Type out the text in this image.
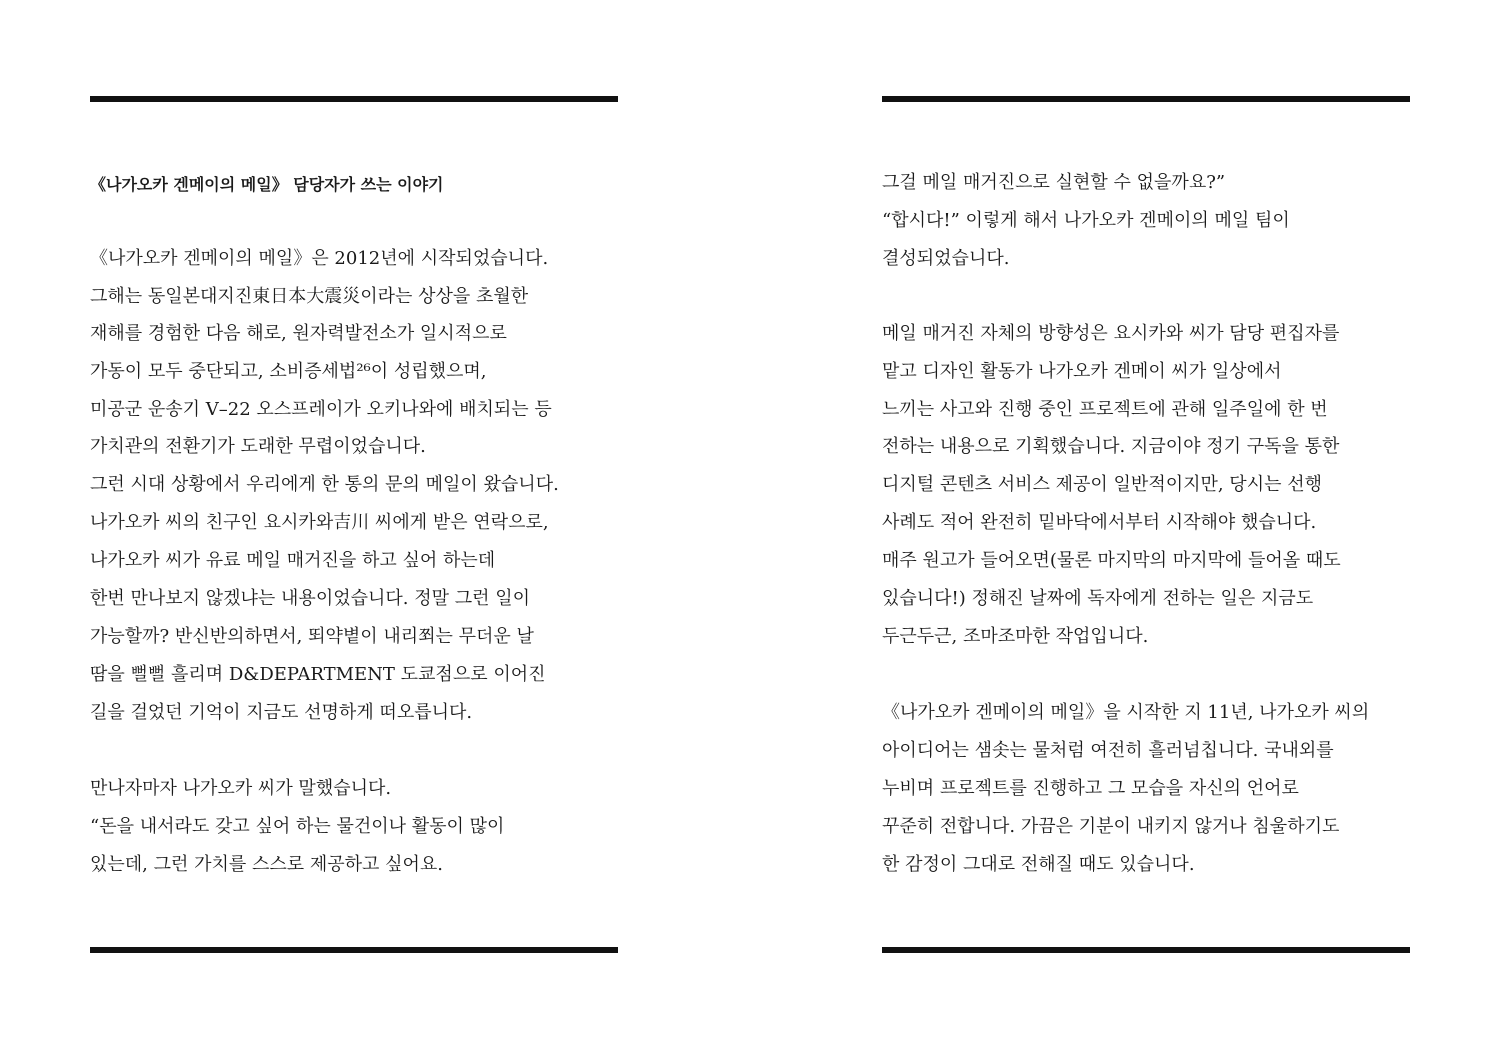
《나가오카 겐메이의 메일》 담당자가 쓰는 이야기
《나가오카 겐메이의 메일》은 2012년에 시작되었습니다.
그해는 동일본대지진東日本大震災이라는 상상을 초월한
재해를 경험한 다음 해로, 원자력발전소가 일시적으로
가동이 모두 중단되고, 소비증세법²⁶이 성립했으며,
미공군 운송기 V–22 오스프레이가 오키나와에 배치되는 등
가치관의 전환기가 도래한 무렵이었습니다.
그런 시대 상황에서 우리에게 한 통의 문의 메일이 왔습니다.
나가오카 씨의 친구인 요시카와吉川 씨에게 받은 연락으로,
나가오카 씨가 유료 메일 매거진을 하고 싶어 하는데
한번 만나보지 않겠냐는 내용이었습니다. 정말 그런 일이
가능할까? 반신반의하면서, 뙤약볕이 내리쬐는 무더운 날
땀을 뻘뻘 흘리며 D&DEPARTMENT 도쿄점으로 이어진
길을 걸었던 기억이 지금도 선명하게 떠오릅니다.
만나자마자 나가오카 씨가 말했습니다.
“돈을 내서라도 갖고 싶어 하는 물건이나 활동이 많이
있는데, 그런 가치를 스스로 제공하고 싶어요.
그걸 메일 매거진으로 실현할 수 없을까요?”
“합시다!” 이렇게 해서 나가오카 겐메이의 메일 팀이
결성되었습니다.
메일 매거진 자체의 방향성은 요시카와 씨가 담당 편집자를
맡고 디자인 활동가 나가오카 겐메이 씨가 일상에서
느끼는 사고와 진행 중인 프로젝트에 관해 일주일에 한 번
전하는 내용으로 기획했습니다. 지금이야 정기 구독을 통한
디지털 콘텐츠 서비스 제공이 일반적이지만, 당시는 선행
사례도 적어 완전히 밑바닥에서부터 시작해야 했습니다.
매주 원고가 들어오면(물론 마지막의 마지막에 들어올 때도
있습니다!) 정해진 날짜에 독자에게 전하는 일은 지금도
두근두근, 조마조마한 작업입니다.
《나가오카 겐메이의 메일》을 시작한 지 11년, 나가오카 씨의
아이디어는 샘솟는 물처럼 여전히 흘러넘칩니다. 국내외를
누비며 프로젝트를 진행하고 그 모습을 자신의 언어로
꾸준히 전합니다. 가끔은 기분이 내키지 않거나 침울하기도
한 감정이 그대로 전해질 때도 있습니다.
